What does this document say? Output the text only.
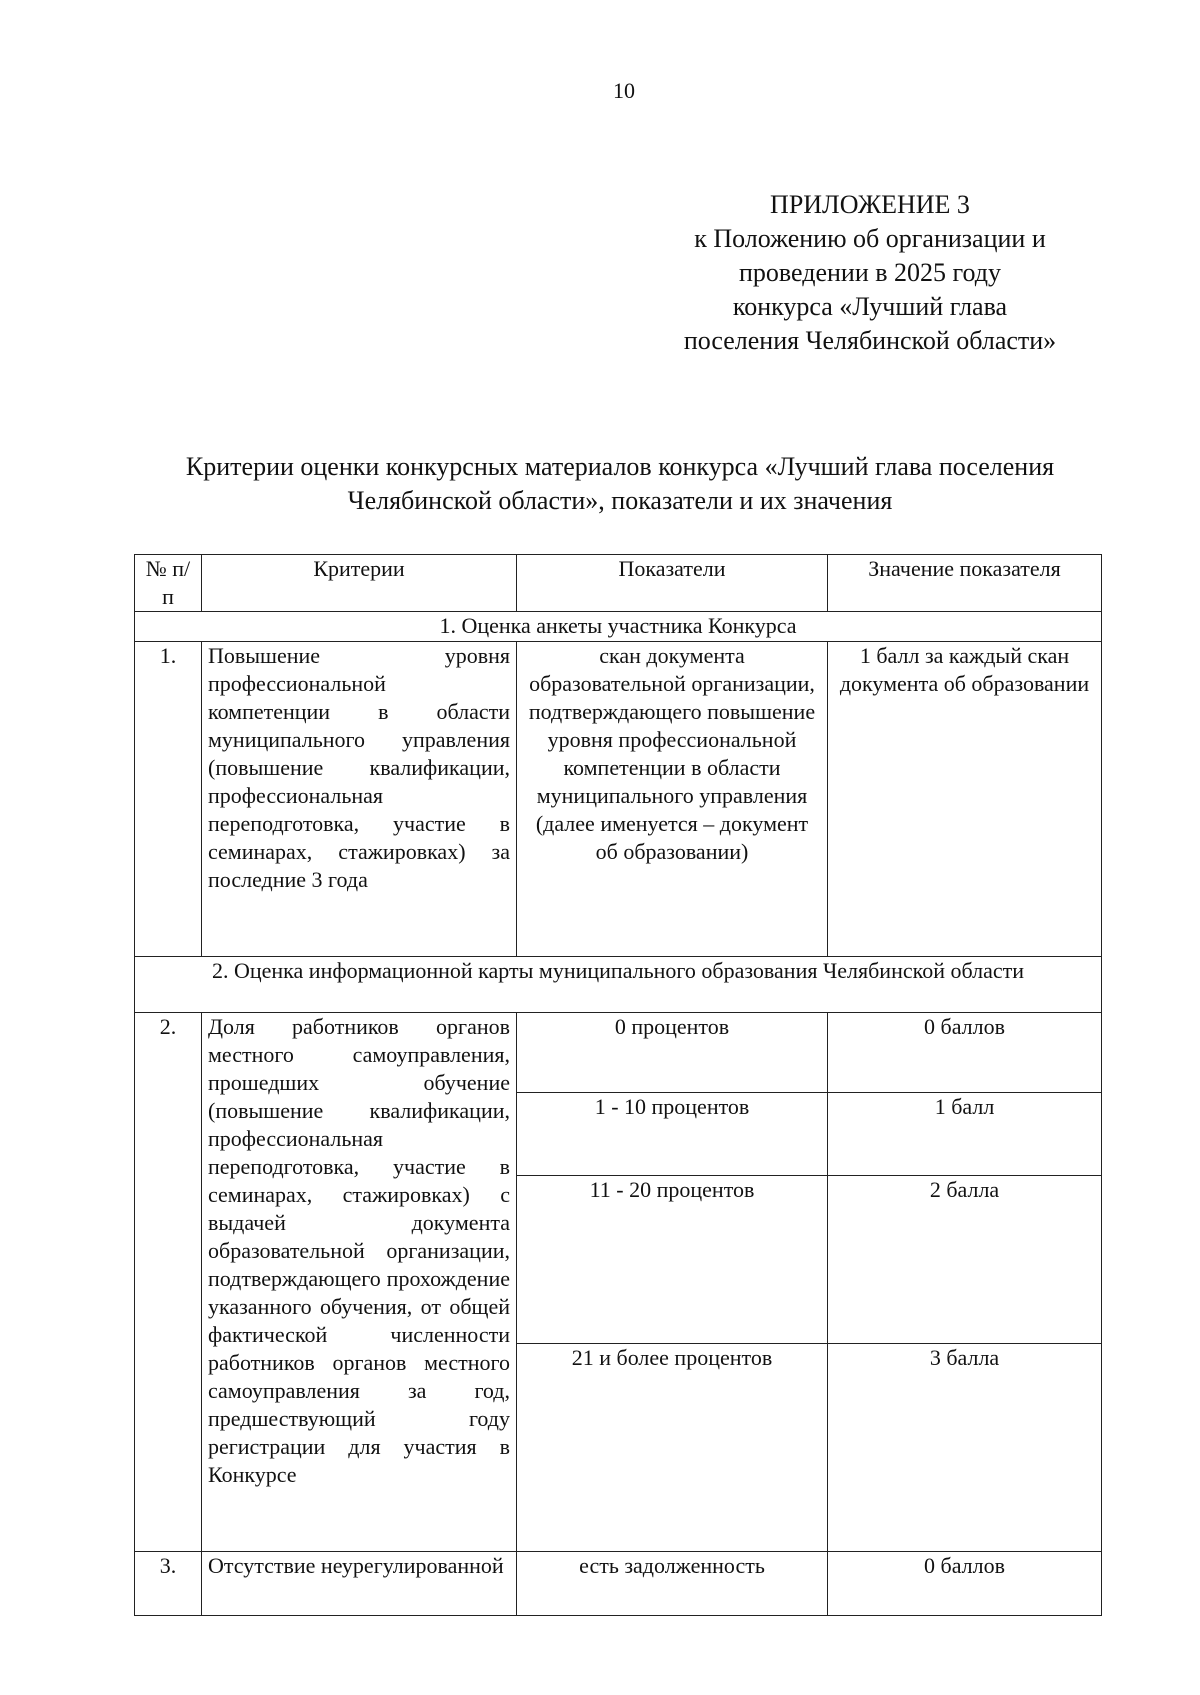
10
ПРИЛОЖЕНИЕ 3
к Положению об организации и
проведении в 2025 году
конкурса «Лучший глава
поселения Челябинской области»
Критерии оценки конкурсных материалов конкурса «Лучший глава поселения
Челябинской области», показатели и их значения
№ п/п	Критерии	Показатели	Значение показателя
1. Оценка анкеты участника Конкурса			
1.	Повышение уровня профессиональной компетенции в области муниципального управления (повышение квалификации, профессиональная переподготовка, участие в семинарах, стажировках) за последние 3 года	скан документа образовательной организации, подтверждающего повышение уровня профессиональной компетенции в области муниципального управления (далее именуется – документ об образовании)	1 балл за каждый скан документа об образовании
2. Оценка информационной карты муниципального образования Челябинской области			
2.	Доля работников органов местного самоуправления, прошедших обучение (повышение квалификации, профессиональная переподготовка, участие в семинарах, стажировках) с выдачей документа образовательной организации, подтверждающего прохождение указанного обучения, от общей фактической численности работников органов местного самоуправления за год, предшествующий году регистрации для участия в Конкурсе	0 процентов	0 баллов
		1 - 10 процентов	1 балл
		11 - 20 процентов	2 балла
		21 и более процентов	3 балла
3.	Отсутствие неурегулированной	есть задолженность	0 баллов
